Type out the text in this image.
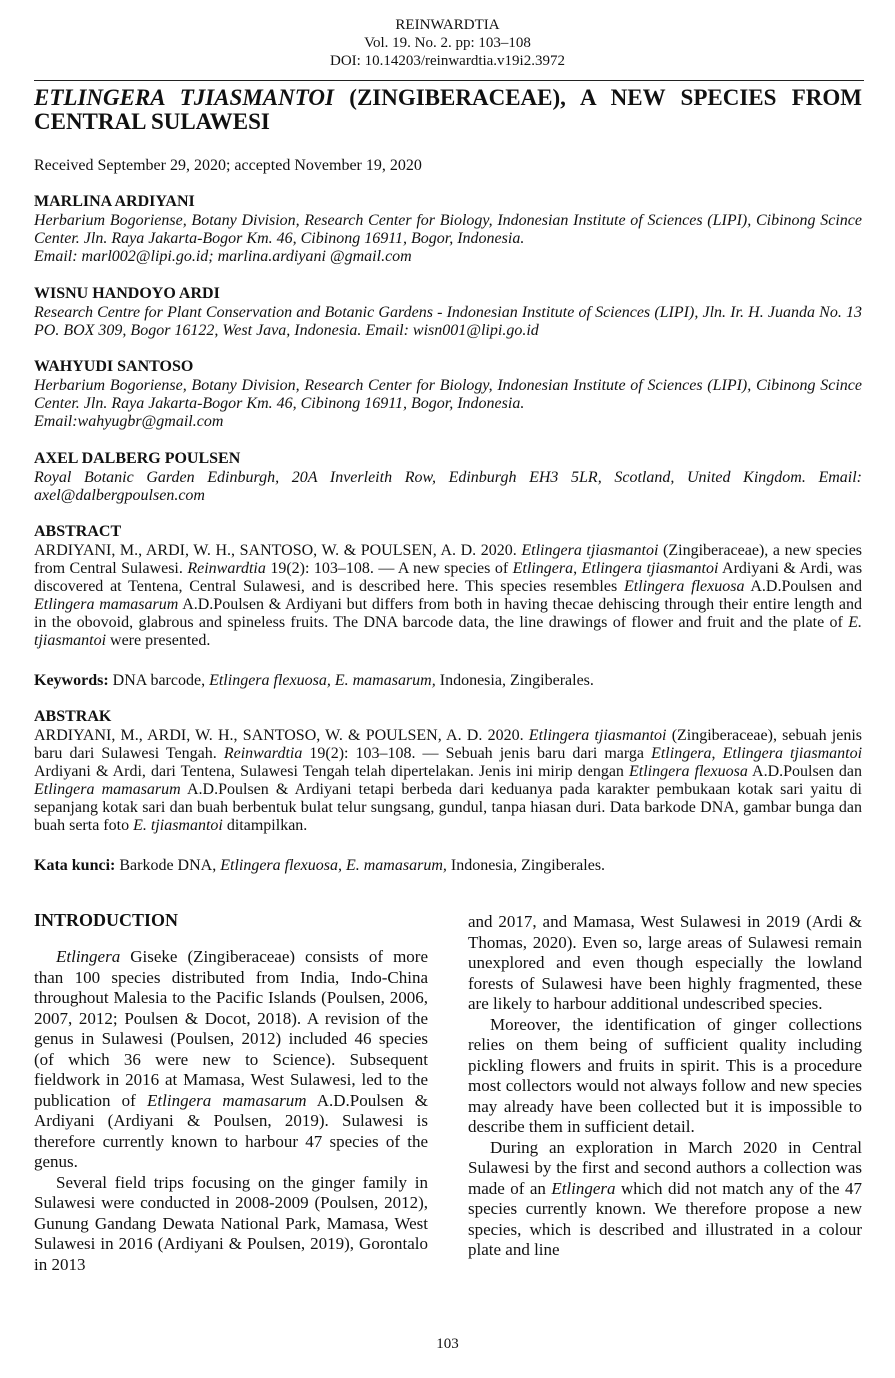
REINWARDTIA
Vol. 19. No. 2. pp: 103–108
DOI: 10.14203/reinwardtia.v19i2.3972
ETLINGERA TJIASMANTOI (ZINGIBERACEAE), A NEW SPECIES FROM CENTRAL SULAWESI
Received September 29, 2020; accepted November 19, 2020
MARLINA ARDIYANI
Herbarium Bogoriense, Botany Division, Research Center for Biology, Indonesian Institute of Sciences (LIPI), Cibinong Scince Center. Jln. Raya Jakarta-Bogor Km. 46, Cibinong 16911, Bogor, Indonesia.
Email: marl002@lipi.go.id; marlina.ardiyani @gmail.com
WISNU HANDOYO ARDI
Research Centre for Plant Conservation and Botanic Gardens - Indonesian Institute of Sciences (LIPI), Jln. Ir. H. Juanda No. 13 PO. BOX 309, Bogor 16122, West Java, Indonesia. Email: wisn001@lipi.go.id
WAHYUDI SANTOSO
Herbarium Bogoriense, Botany Division, Research Center for Biology, Indonesian Institute of Sciences (LIPI), Cibinong Scince Center. Jln. Raya Jakarta-Bogor Km. 46, Cibinong 16911, Bogor, Indonesia.
Email:wahyugbr@gmail.com
AXEL DALBERG POULSEN
Royal Botanic Garden Edinburgh, 20A Inverleith Row, Edinburgh EH3 5LR, Scotland, United Kingdom. Email: axel@dalbergpoulsen.com
ABSTRACT
ARDIYANI, M., ARDI, W. H., SANTOSO, W. & POULSEN, A. D. 2020. Etlingera tjiasmantoi (Zingiberaceae), a new species from Central Sulawesi. Reinwardtia 19(2): 103–108. — A new species of Etlingera, Etlingera tjiasmantoi Ardiyani & Ardi, was discovered at Tentena, Central Sulawesi, and is described here. This species resembles Etlingera flexuosa A.D.Poulsen and Etlingera mamasarum A.D.Poulsen & Ardiyani but differs from both in having thecae dehiscing through their entire length and in the obovoid, glabrous and spineless fruits. The DNA barcode data, the line drawings of flower and fruit and the plate of E. tjiasmantoi were presented.
Keywords: DNA barcode, Etlingera flexuosa, E. mamasarum, Indonesia, Zingiberales.
ABSTRAK
ARDIYANI, M., ARDI, W. H., SANTOSO, W. & POULSEN, A. D. 2020. Etlingera tjiasmantoi (Zingiberaceae), sebuah jenis baru dari Sulawesi Tengah. Reinwardtia 19(2): 103–108. — Sebuah jenis baru dari marga Etlingera, Etlingera tjiasmantoi Ardiyani & Ardi, dari Tentena, Sulawesi Tengah telah dipertelakan. Jenis ini mirip dengan Etlingera flexuosa A.D.Poulsen dan Etlingera mamasarum A.D.Poulsen & Ardiyani tetapi berbeda dari keduanya pada karakter pembukaan kotak sari yaitu di sepanjang kotak sari dan buah berbentuk bulat telur sungsang, gundul, tanpa hiasan duri. Data barkode DNA, gambar bunga dan buah serta foto E. tjiasmantoi ditampilkan.
Kata kunci: Barkode DNA, Etlingera flexuosa, E. mamasarum, Indonesia, Zingiberales.
INTRODUCTION

Etlingera Giseke (Zingiberaceae) consists of more than 100 species distributed from India, Indo-China throughout Malesia to the Pacific Islands (Poulsen, 2006, 2007, 2012; Poulsen & Docot, 2018). A revision of the genus in Sulawesi (Poulsen, 2012) included 46 species (of which 36 were new to Science). Subsequent fieldwork in 2016 at Mamasa, West Sulawesi, led to the publication of Etlingera mamasarum A.D.Poulsen & Ardiyani (Ardiyani & Poulsen, 2019). Sulawesi is therefore currently known to harbour 47 species of the genus.

Several field trips focusing on the ginger family in Sulawesi were conducted in 2008-2009 (Poulsen, 2012), Gunung Gandang Dewata National Park, Mamasa, West Sulawesi in 2016 (Ardiyani & Poulsen, 2019), Gorontalo in 2013

and 2017, and Mamasa, West Sulawesi in 2019 (Ardi & Thomas, 2020). Even so, large areas of Sulawesi remain unexplored and even though especially the lowland forests of Sulawesi have been highly fragmented, these are likely to harbour additional undescribed species.

Moreover, the identification of ginger collections relies on them being of sufficient quality including pickling flowers and fruits in spirit. This is a procedure most collectors would not always follow and new species may already have been collected but it is impossible to describe them in sufficient detail.

During an exploration in March 2020 in Central Sulawesi by the first and second authors a collection was made of an Etlingera which did not match any of the 47 species currently known. We therefore propose a new species, which is described and illustrated in a colour plate and line

103
